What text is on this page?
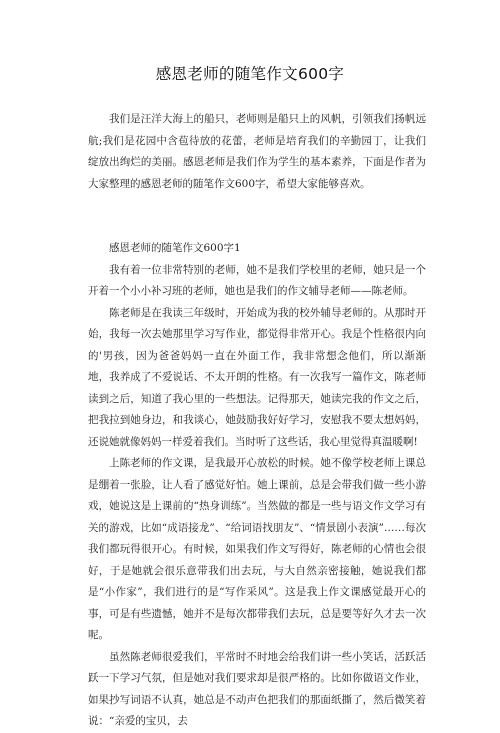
感恩老师的随笔作文600字

我们是汪洋大海上的船只，老师则是船只上的风帆，引领我们扬帆远航;我们是花园中含苞待放的花蕾，老师是培育我们的辛勤园丁，让我们绽放出绚烂的美丽。感恩老师是我们作为学生的基本素养，下面是作者为大家整理的感恩老师的随笔作文600字，希望大家能够喜欢。

感恩老师的随笔作文600字1

我有着一位非常特别的老师，她不是我们学校里的老师，她只是一个开着一个小小补习班的老师，她也是我们的作文辅导老师——陈老师。

陈老师是在我读三年级时，开始成为我的校外辅导老师的。从那时开始，我每一次去她那里学习写作业，都觉得非常开心。我是个性格很内向的'男孩，因为爸爸妈妈一直在外面工作，我非常想念他们，所以渐渐地，我养成了不爱说话、不太开朗的性格。有一次我写一篇作文，陈老师读到之后，知道了我心里的一些想法。记得那天，她读完我的作文之后，把我拉到她身边，和我谈心，她鼓励我好好学习，安慰我不要太想妈妈，还说她就像妈妈一样爱着我们。当时听了这些话，我心里觉得真温暖啊!

上陈老师的作文课，是我最开心放松的时候。她不像学校老师上课总是绷着一张脸，让人看了感觉好怕。她上课前，总是会带我们做一些小游戏，她说这是上课前的“热身训练”。当然做的都是一些与语文作文学习有关的游戏，比如“成语接龙”、“给词语找朋友”、“情景剧小表演”……每次我们都玩得很开心。有时候，如果我们作文写得好，陈老师的心情也会很好，于是她就会很乐意带我们出去玩，与大自然亲密接触，她说我们都是“小作家”，我们进行的是“写作采风”。这是我上作文课感觉最开心的事，可是有些遗憾，她并不是每次都带我们去玩，总是要等好久才去一次呢。

虽然陈老师很爱我们，平常时不时地会给我们讲一些小笑话，活跃活跃一下学习气氛，但是她对我们要求却是很严格的。比如你做语文作业，如果抄写词语不认真，她总是不动声色把我们的那面纸撕了，然后微笑着说：“亲爱的宝贝，去
